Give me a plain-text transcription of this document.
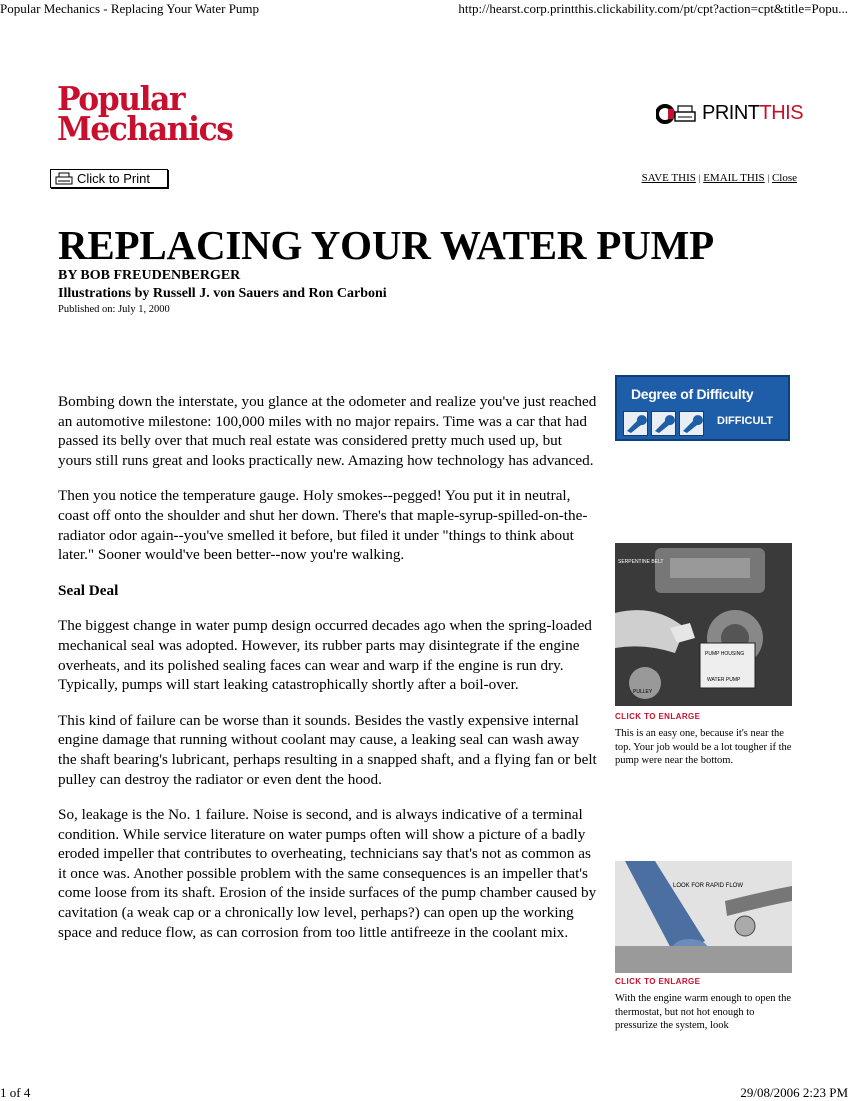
Popular Mechanics - Replacing Your Water Pump	http://hearst.corp.printthis.clickability.com/pt/cpt?action=cpt&title=Popu...
Popular
Mechanics	PRINTTHIS
Click to Print	SAVE THIS | EMAIL THIS | Close
REPLACING YOUR WATER PUMP
BY BOB FREUDENBERGER
Illustrations by Russell J. von Sauers and Ron Carboni
Published on: July 1, 2000

Bombing down the interstate, you glance at the odometer and realize you've just reached an automotive milestone: 100,000 miles with no major repairs. Time was a car that had passed its belly over that much real estate was considered pretty much used up, but yours still runs great and looks practically new. Amazing how technology has advanced.

Then you notice the temperature gauge. Holy smokes--pegged! You put it in neutral, coast off onto the shoulder and shut her down. There's that maple-syrup-spilled-on-the-radiator odor again--you've smelled it before, but filed it under "things to think about later." Sooner would've been better--now you're walking.

Seal Deal

The biggest change in water pump design occurred decades ago when the spring-loaded mechanical seal was adopted. However, its rubber parts may disintegrate if the engine overheats, and its polished sealing faces can wear and warp if the engine is run dry. Typically, pumps will start leaking catastrophically shortly after a boil-over.

This kind of failure can be worse than it sounds. Besides the vastly expensive internal engine damage that running without coolant may cause, a leaking seal can wash away the shaft bearing's lubricant, perhaps resulting in a snapped shaft, and a flying fan or belt pulley can destroy the radiator or even dent the hood.

So, leakage is the No. 1 failure. Noise is second, and is always indicative of a terminal condition. While service literature on water pumps often will show a picture of a badly eroded impeller that contributes to overheating, technicians say that's not as common as it once was. Another possible problem with the same consequences is an impeller that's come loose from its shaft. Erosion of the inside surfaces of the pump chamber caused by cavitation (a weak cap or a chronically low level, perhaps?) can open up the working space and reduce flow, as can corrosion from too little antifreeze in the coolant mix.

Degree of Difficulty
DIFFICULT
SERPENTINE BELT
PUMP HOUSING
WATER PUMP
PULLEY
CLICK TO ENLARGE
This is an easy one, because it's near the top. Your job would be a lot tougher if the pump were near the bottom.
LOOK FOR RAPID FLOW
CLICK TO ENLARGE
With the engine warm enough to open the thermostat, but not hot enough to pressurize the system, look
1 of 4	29/08/2006 2:23 PM
